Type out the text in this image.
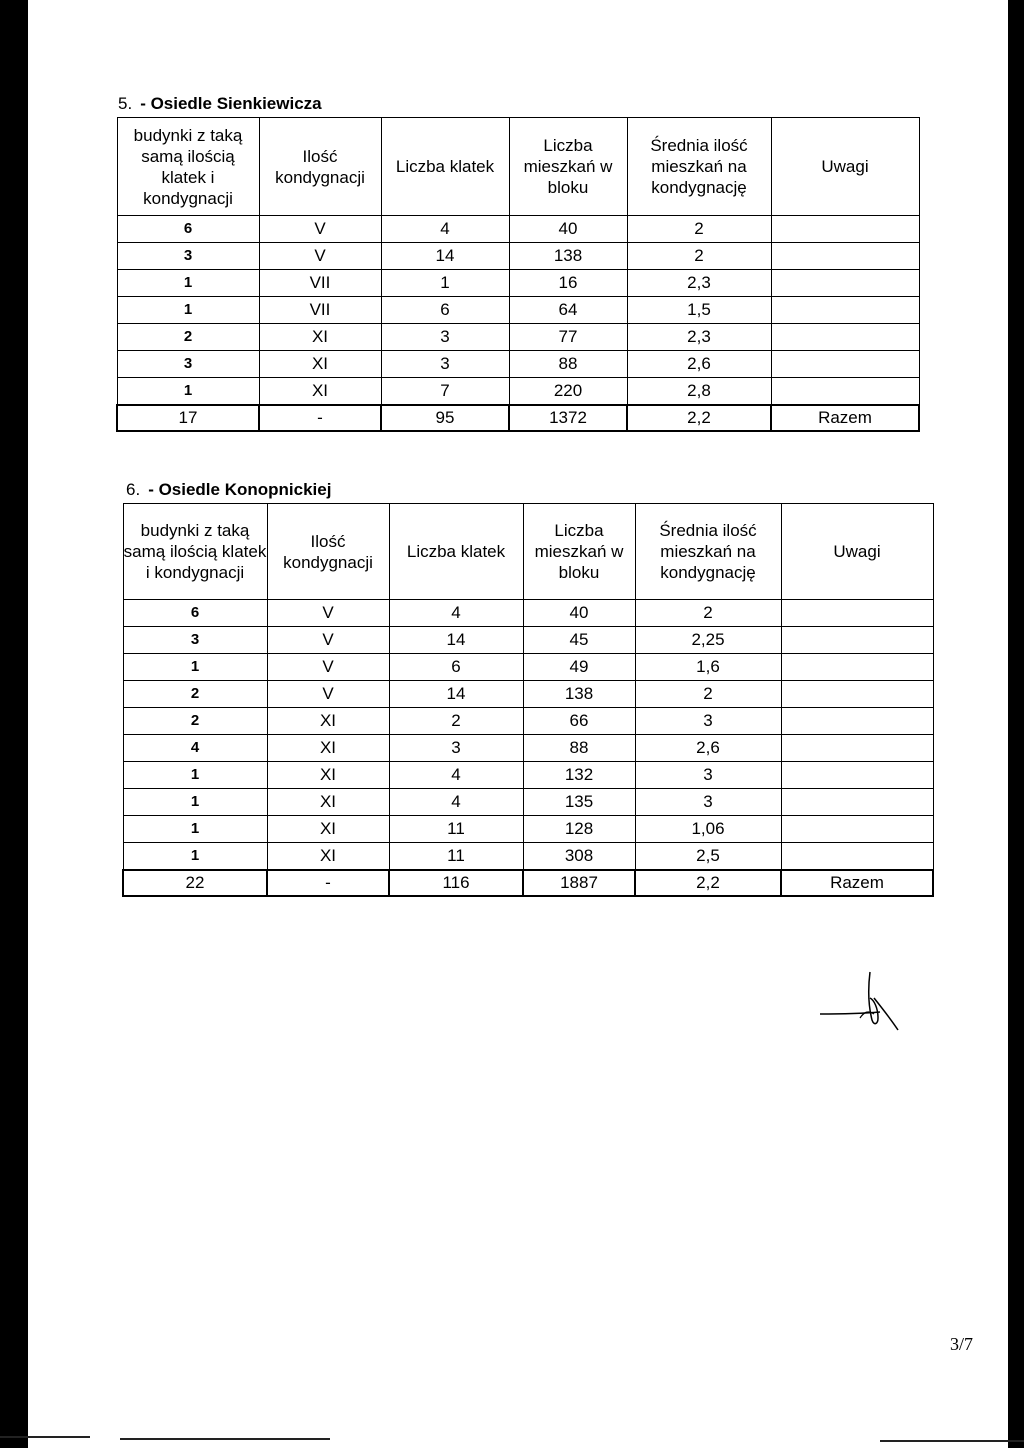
5. - Osiedle Sienkiewicza
budynki z taką samą ilością klatek i kondygnacji	Ilość kondygnacji	Liczba klatek	Liczba mieszkań w bloku	Średnia ilość mieszkań na kondygnację	Uwagi
6	V	4	40	2	
3	V	14	138	2	
1	VII	1	16	2,3	
1	VII	6	64	1,5	
2	XI	3	77	2,3	
3	XI	3	88	2,6	
1	XI	7	220	2,8	
17	-	95	1372	2,2	Razem
6. - Osiedle Konopnickiej
budynki z taką samą ilością klatek i kondygnacji	Ilość kondygnacji	Liczba klatek	Liczba mieszkań w bloku	Średnia ilość mieszkań na kondygnację	Uwagi
6	V	4	40	2	
3	V	14	45	2,25	
1	V	6	49	1,6	
2	V	14	138	2	
2	XI	2	66	3	
4	XI	3	88	2,6	
1	XI	4	132	3	
1	XI	4	135	3	
1	XI	11	128	1,06	
1	XI	11	308	2,5	
22	-	116	1887	2,2	Razem
3/7
